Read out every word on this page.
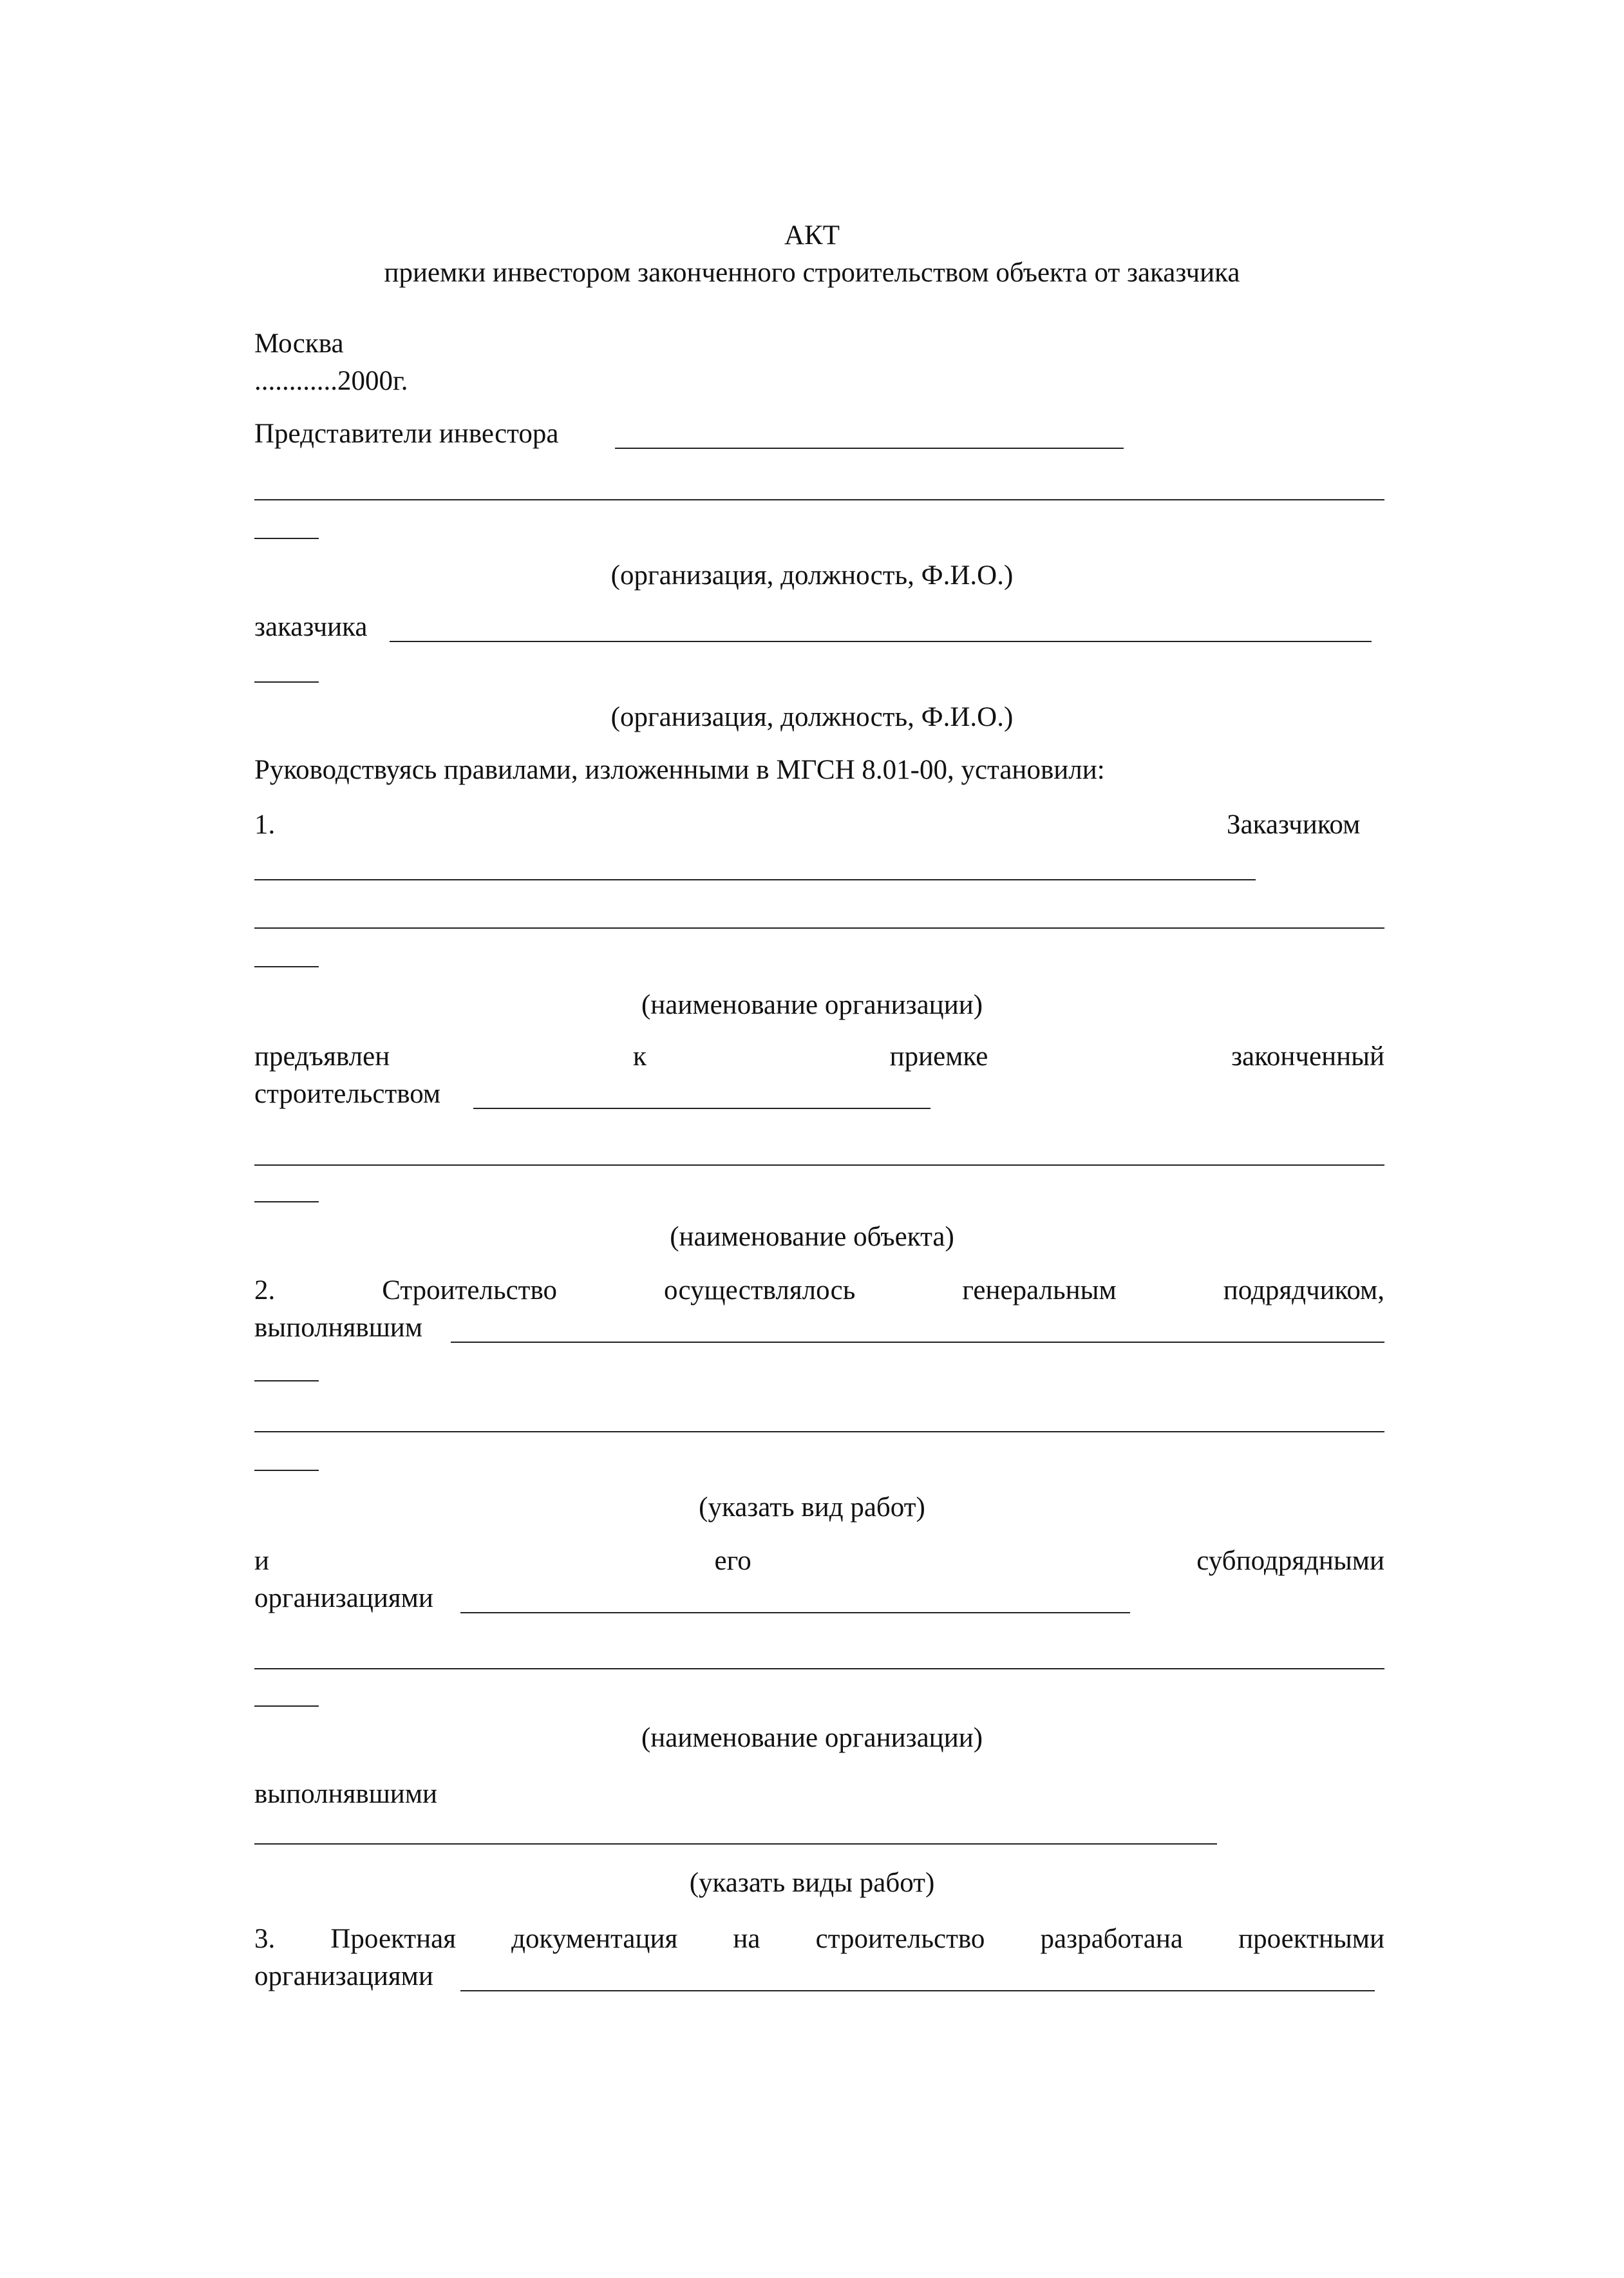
АКТ
приемки инвестором законченного строительством объекта от заказчика
Москва
............2000г.
Представители инвестора
(организация, должность, Ф.И.О.)
заказчика
(организация, должность, Ф.И.О.)
Руководствуясь правилами, изложенными в МГСН 8.01-00, установили:
1.	Заказчиком
(наименование организации)
предъявлен	к	приемке	законченный
строительством
(наименование объекта)
2.	Строительство	осуществлялось	генеральным	подрядчиком,
выполнявшим
(указать вид работ)
и	его	субподрядными
организациями
(наименование организации)
выполнявшими
(указать виды работ)
3. Проектная документация на строительство разработана проектными
организациями
